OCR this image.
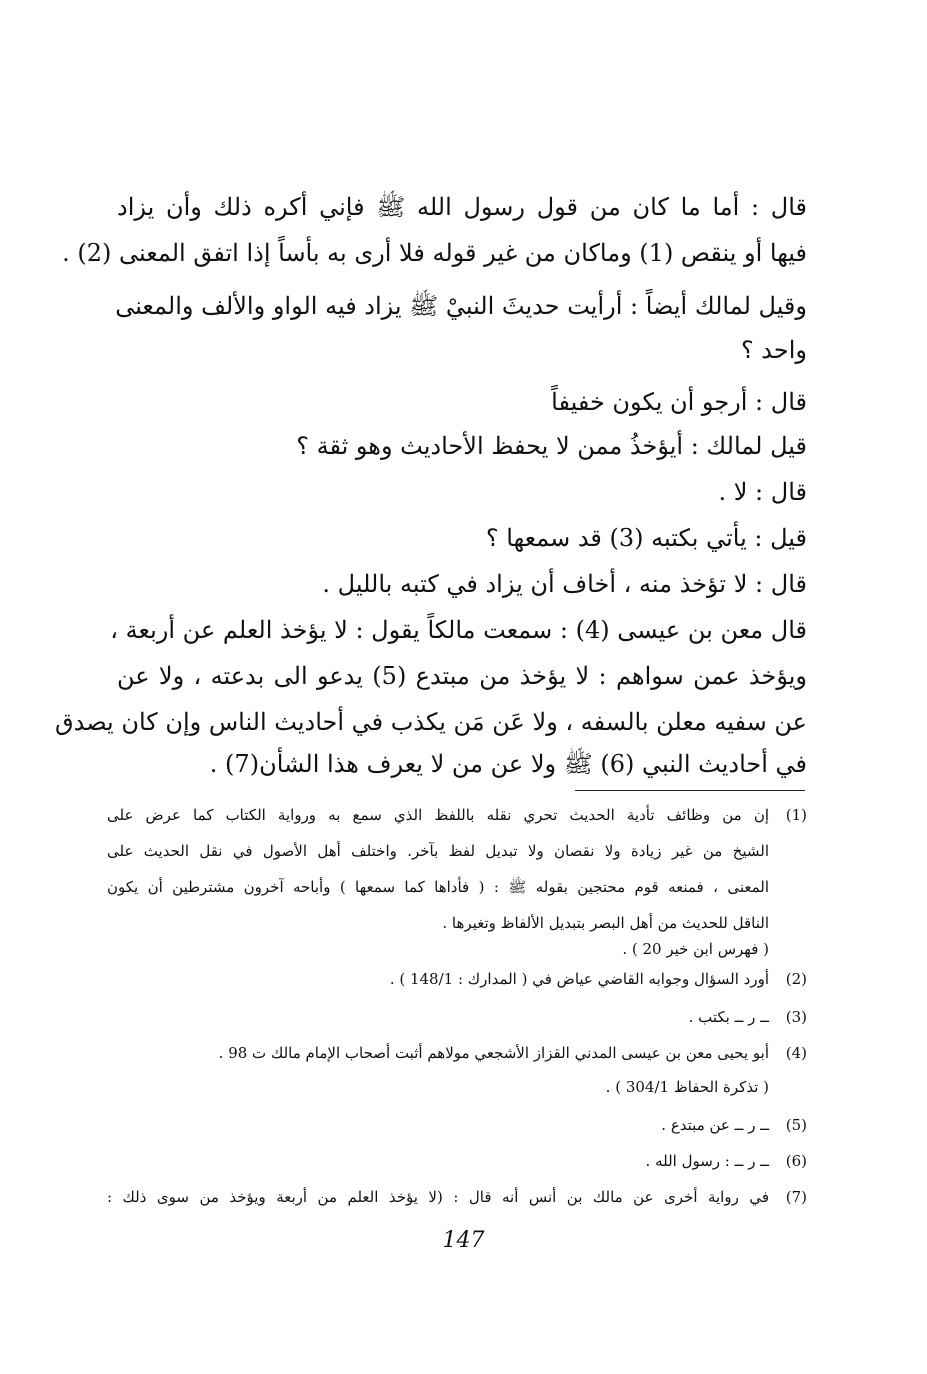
قال : أما ما كان من قول رسول الله ﷺ فإني أكره ذلك وأن يزاد
فيها أو ينقص (1) وماكان من غير قوله فلا أرى به بأساً إذا اتفق المعنى (2) .
وقيل لمالك أيضاً : أرأيت حديثَ النبيْ ﷺ يزاد فيه الواو والألف والمعنى
واحد ؟
قال : أرجو أن يكون خفيفاً
قيل لمالك : أيؤخذُ ممن لا يحفظ الأحاديث وهو ثقة ؟
قال : لا .
قيل : يأتي بكتبه (3) قد سمعها ؟
قال : لا تؤخذ منه ، أخاف أن يزاد في كتبه بالليل .
قال معن بن عيسى (4) : سمعت مالكاً يقول : لا يؤخذ العلم عن أربعة ،
ويؤخذ عمن سواهم : لا يؤخذ من مبتدع (5) يدعو الى بدعته ، ولا عن
عن سفيه معلن بالسفه ، ولا عَن مَن يكذب في أحاديث الناس وإن كان يصدق
في أحاديث النبي (6) ﷺ ولا عن من لا يعرف هذا الشأن(7) .
(1)
إن من وظائف تأدية الحديث تحري نقله باللفظ الذي سمع به ورواية الكتاب كما عرض على
الشيخ من غير زيادة ولا نقصان ولا تبديل لفظ بآخر. واختلف أهل الأصول في نقل الحديث على
المعنى ، فمنعه قوم محتجين بقوله ﷺ : ( فأداها كما سمعها ) وأباحه آخرون مشترطين أن يكون
الناقل للحديث من أهل البصر بتبديل الألفاظ وتغيرها .
( فهرس ابن خير 20 ) .
(2)
أورد السؤال وجوابه القاضي عياض في ( المدارك : 148/1 ) .
(3)
ــ ر ــ بكتب .
(4)
أبو يحيى معن بن عيسى المدني القزاز الأشجعي مولاهم أثبت أصحاب الإمام مالك ت 98 .
( تذكرة الحفاظ 304/1 ) .
(5)
ــ ر ــ عن مبتدع .
(6)
ــ ر ــ : رسول الله .
(7)
في رواية أخرى عن مالك بن أنس أنه قال : (لا يؤخذ العلم من أربعة ويؤخذ من سوى ذلك :
147
